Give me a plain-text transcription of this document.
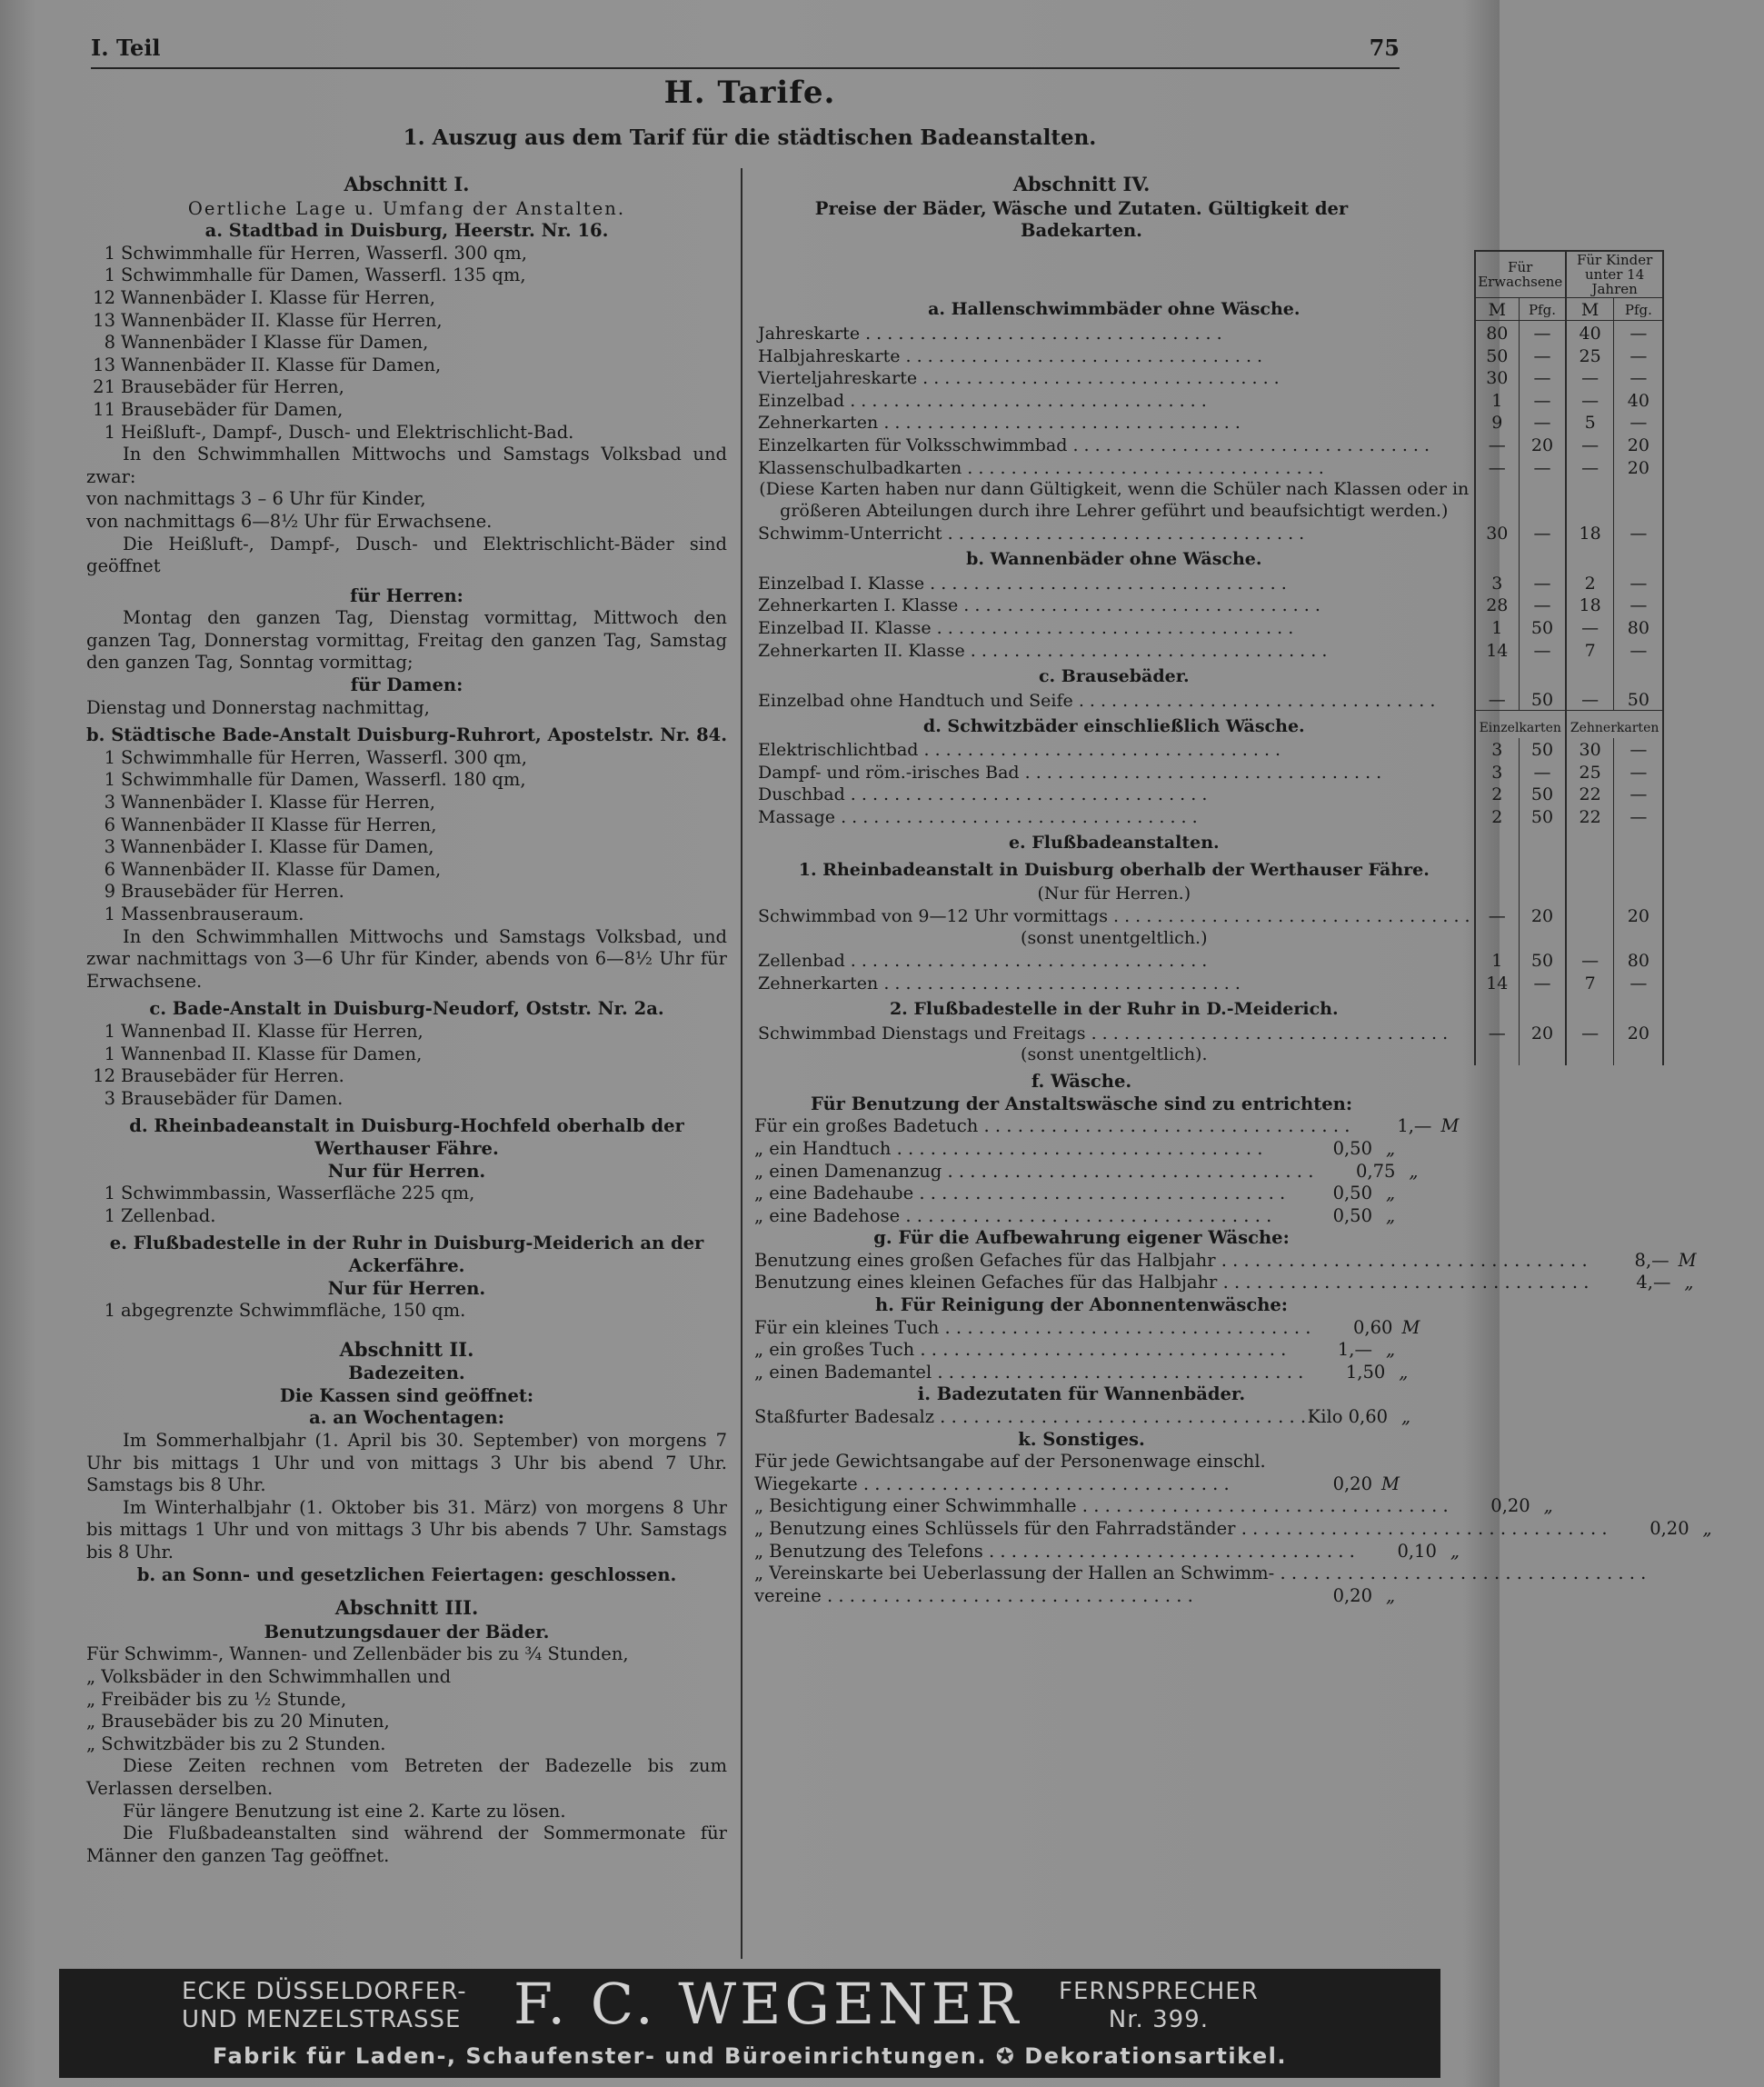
I. Teil	75
H. Tarife.
1. Auszug aus dem Tarif für die städtischen Badeanstalten.
Abschnitt I.
Oertliche Lage u. Umfang der Anstalten.
a. Stadtbad in Duisburg, Heerstr. Nr. 16.
1 Schwimmhalle für Herren, Wasserfl. 300 qm,
1 Schwimmhalle für Damen, Wasserfl. 135 qm,
12 Wannenbäder I. Klasse für Herren,
13 Wannenbäder II. Klasse für Herren,
8 Wannenbäder I Klasse für Damen,
13 Wannenbäder II. Klasse für Damen,
21 Brausebäder für Herren,
11 Brausebäder für Damen,
1 Heißluft-, Dampf-, Dusch- und Elektrischlicht-Bad.
In den Schwimmhallen Mittwochs und Samstags Volksbad und zwar:
von nachmittags 3 – 6 Uhr für Kinder,
von nachmittags 6—8½ Uhr für Erwachsene.
Die Heißluft-, Dampf-, Dusch- und Elektrischlicht-Bäder sind geöffnet
für Herren:
Montag den ganzen Tag, Dienstag vormittag, Mittwoch den ganzen Tag, Donnerstag vormittag, Freitag den ganzen Tag, Samstag den ganzen Tag, Sonntag vormittag;
für Damen:
Dienstag und Donnerstag nachmittag,
b. Städtische Bade-Anstalt Duisburg-Ruhrort, Apostelstr. Nr. 84.
1 Schwimmhalle für Herren, Wasserfl. 300 qm,
1 Schwimmhalle für Damen, Wasserfl. 180 qm,
3 Wannenbäder I. Klasse für Herren,
6 Wannenbäder II Klasse für Herren,
3 Wannenbäder I. Klasse für Damen,
6 Wannenbäder II. Klasse für Damen,
9 Brausebäder für Herren.
1 Massenbrauseraum.
In den Schwimmhallen Mittwochs und Samstags Volksbad, und zwar nachmittags von 3—6 Uhr für Kinder, abends von 6—8½ Uhr für Erwachsene.
c. Bade-Anstalt in Duisburg-Neudorf, Oststr. Nr. 2a.
1 Wannenbad II. Klasse für Herren,
1 Wannenbad II. Klasse für Damen,
12 Brausebäder für Herren.
3 Brausebäder für Damen.
d. Rheinbadeanstalt in Duisburg-Hochfeld oberhalb der Werthauser Fähre.
Nur für Herren.
1 Schwimmbassin, Wasserfläche 225 qm,
1 Zellenbad.
e. Flußbadestelle in der Ruhr in Duisburg-Meiderich an der Ackerfähre.
Nur für Herren.
1 abgegrenzte Schwimmfläche, 150 qm.
Abschnitt II.
Badezeiten.
Die Kassen sind geöffnet:
a. an Wochentagen:
Im Sommerhalbjahr (1. April bis 30. September) von morgens 7 Uhr bis mittags 1 Uhr und von mittags 3 Uhr bis abend 7 Uhr. Samstags bis 8 Uhr.
Im Winterhalbjahr (1. Oktober bis 31. März) von morgens 8 Uhr bis mittags 1 Uhr und von mittags 3 Uhr bis abends 7 Uhr. Samstags bis 8 Uhr.
b. an Sonn- und gesetzlichen Feiertagen: geschlossen.
Abschnitt III.
Benutzungsdauer der Bäder.
Für Schwimm-, Wannen- und Zellenbäder bis zu ¾ Stunden,
„ Volksbäder in den Schwimmhallen und
„ Freibäder bis zu ½ Stunde,
„ Brausebäder bis zu 20 Minuten,
„ Schwitzbäder bis zu 2 Stunden.
Diese Zeiten rechnen vom Betreten der Badezelle bis zum Verlassen derselben.
Für längere Benutzung ist eine 2. Karte zu lösen.
Die Flußbadeanstalten sind während der Sommermonate für Männer den ganzen Tag geöffnet.
Abschnitt IV.
Preise der Bäder, Wäsche und Zutaten. Gültigkeit der Badekarten.
a. Hallenschwimmbäder ohne Wäsche.	Für Erwachsene		Für Kinder unter 14 Jahren	
	M	Pfg.	M	Pfg.
Jahreskarte . . .	80	—	40	—
Halbjahreskarte . . .	50	—	25	—
Vierteljahreskarte . . .	30	—	—	—
Einzelbad . . .	1	—	—	40
Zehnerkarten . . .	9	—	5	—
Einzelkarten für Volksschwimmbad . . .	—	20	—	20
Klassenschulbadkarten . . .	—	—	—	20
(Diese Karten haben nur dann Gültigkeit, wenn die Schüler nach Klassen oder in größeren Abteilungen durch ihre Lehrer geführt und beaufsichtigt werden.)				
Schwimm-Unterricht . . .	30	—	18	—
b. Wannenbäder ohne Wäsche.				
Einzelbad I. Klasse . . .	3	—	2	—
Zehnerkarten I. Klasse . . .	28	—	18	—
Einzelbad II. Klasse . . .	1	50	—	80
Zehnerkarten II. Klasse . . .	14	—	7	—
c. Brausebäder.				
Einzelbad ohne Handtuch und Seife . . .	—	50	—	50
d. Schwitzbäder einschließlich Wäsche.	Einzelkarten		Zehnerkarten	
Elektrischlichtbad . . .	3	50	30	—
Dampf- und röm.-irisches Bad . . .	3	—	25	—
Duschbad . . .	2	50	22	—
Massage . . .	2	50	22	—
e. Flußbadeanstalten.				
1. Rheinbadeanstalt in Duisburg oberhalb der Werthauser Fähre.				
(Nur für Herren.)				
Schwimmbad von 9—12 Uhr vormittags . . .	—	20		20
(sonst unentgeltlich.)				
Zellenbad . . .	1	50	—	80
Zehnerkarten . . .	14	—	7	—
2. Flußbadestelle in der Ruhr in D.-Meiderich.				
Schwimmbad Dienstags und Freitags . . .	—	20	—	20
(sonst unentgeltlich).				
f. Wäsche.
Für Benutzung der Anstaltswäsche sind zu entrichten:
Für ein großes Badetuch . . .	1,— M
„ ein Handtuch . . .	0,50 „
„ einen Damenanzug . . .	0,75 „
„ eine Badehaube . . .	0,50 „
„ eine Badehose . . .	0,50 „
g. Für die Aufbewahrung eigener Wäsche:
Benutzung eines großen Gefaches für das Halbjahr . . .	8,— M
Benutzung eines kleinen Gefaches für das Halbjahr . . .	4,— „
h. Für Reinigung der Abonnentenwäsche:
Für ein kleines Tuch . . .	0,60 M
„ ein großes Tuch . . .	1,— „
„ einen Bademantel . . .	1,50 „
i. Badezutaten für Wannenbäder.
Staßfurter Badesalz . . .	Kilo 0,60 „
k. Sonstiges.
Für jede Gewichtsangabe auf der Personenwage einschl.
Wiegekarte . . .	0,20 M
„ Besichtigung einer Schwimmhalle . . .	0,20 „
„ Benutzung eines Schlüssels für den Fahrradständer . . .	0,20 „
„ Benutzung des Telefons . . .	0,10 „
„ Vereinskarte bei Ueberlassung der Hallen an Schwimm- . . .
vereine . . .	0,20 „
ECKE DÜSSELDORFER-
UND MENZELSTRASSE F. C. WEGENER FERNSPRECHER
Nr. 399.
Fabrik für Laden-, Schaufenster- und Büroeinrichtungen. ✪ Dekorationsartikel.
